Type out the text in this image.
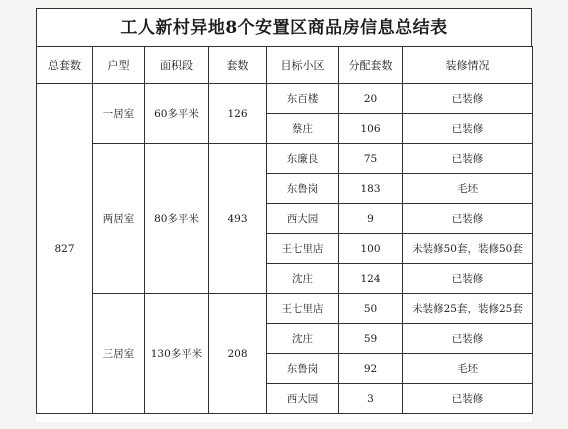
工人新村异地8个安置区商品房信息总结表
总套数	户型	面积段	套数	目标小区	分配套数	装修情况
827	一居室	60多平米	126	东百楼	20	已装修
				蔡庄	106	已装修
	两居室	80多平米	493	东廉良	75	已装修
				东鲁岗	183	毛坯
				西大园	9	已装修
				王七里店	100	未装修50套，装修50套
				沈庄	124	已装修
	三居室	130多平米	208	王七里店	50	未装修25套，装修25套
				沈庄	59	已装修
				东鲁岗	92	毛坯
				西大园	3	已装修
